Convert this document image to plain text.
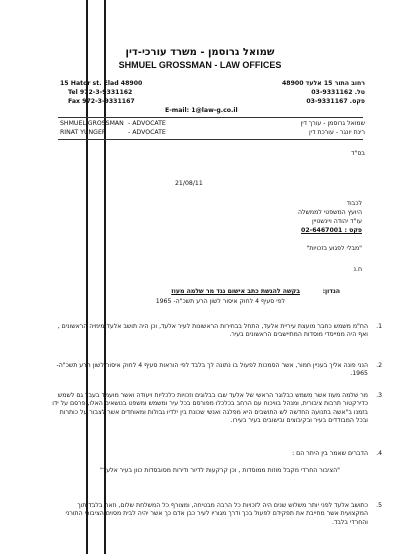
שמואל גרוסמן - משרד עורכי-דין
SHMUEL GROSSMAN - LAW OFFICES
15 Hator st. Elad 48900
Tel 972-3-9331162
Fax 972-3-9331167
רחוב התור 15 אלעד 48900
טל. 03-9331162
פקס. 03-9331167
E-mail: 1@law-g.co.il
SHMUEL GROSSMAN - ADVOCATE
RINAT YUNGER	- ADVOCATE
שמואל גרוסמן - עורך דין
רינת יונגר - עורכת דין
בס"ד
21/08/11
לכבוד
היועץ המשפטי לממשלה
עו"ד יהודה ויינשטיין
פקס : 02-6467001
"מבלי לפגוע בזכויות"
ח.נ
הנדון:
בקשה להגשת כתב אישום נגד מר שלמה מעוז
לפי סעיף 4 לחוק איסור לשון הרע תשכ"ה- 1965
1.

הח"מ משמש כחבר מועצת עיריית אלעד, התחל בבחירות הראשונות לעיר אלעד, וכן היה תושב אלעד מימיה הראשונים , ואף היה ממייסדי מוסדות המתיישבים הראשונים בעיר.

2.

הנני פונה אליך בעניין חמור, אשר הסמכות לפעול בו נתונה לך בלבד לפי הוראות סעיף 4 לחוק איסור לשון הרע תשכ"ה- 1965.

3.

מר שלמה מעוז אשר משמש כבלוגר הראשי של אלעד שבו בבלוגים וזכויות כלכליות ויעודה ואשר מועמד בעבר גם לשמש כדירקטור תרבות ציבורית, ומנהל בוויכוח עם הרחב בכלכלו מפורסם בכל עיר ומשמש ומשפט בנושאים האלו, פרסם על ידו בזמנו ב"אשה בתנועה החדשה לש התושבים היא מפלגה ואנשי שכונת בין ילדיו גבולות ומאוחדים אשר לצבור על כותרות ובכל המבודדים בעיר ובקיבוצים ובישובים בעיר בעירו.

4.

הדברים שאמר בין היתר הם :

"הציבור החרדי מקבל מוזות ממוסדות , וכן קרקעות לדיור ודירות מסובסדות כוון בעיר אלעד"
5.

כתושב אלעד לפני יותר משלוש שנים היה לזכויות כל הרבה מבטיחה, ומצורף כל המשלחת שלום, וזאת בלבד תוך המקצועית אשר מחייבת את תפקידם לפעול בכך ודרך מגוריו לעיר כבן אדם כך אשר יהיה לבית מסוים הציבורי התורני והחרדי בלבד.
